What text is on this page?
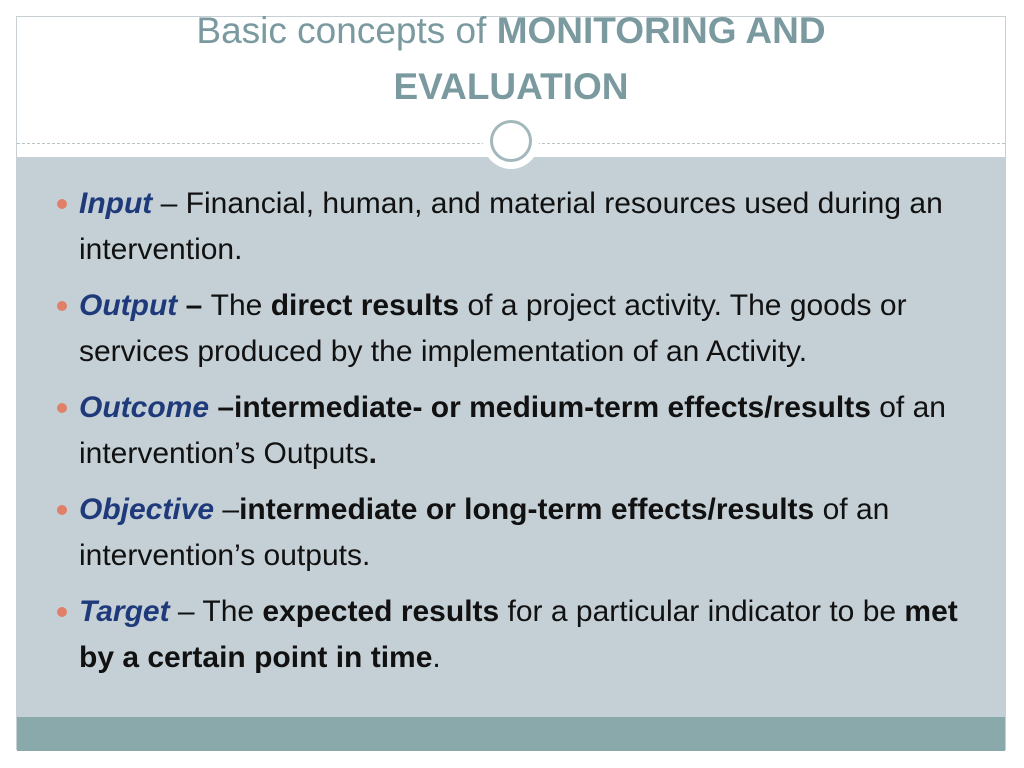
Basic concepts of MONITORING AND
EVALUATION
Input – Financial, human, and material resources used during an intervention.
Output – The direct results of a project activity. The goods or services produced by the implementation of an Activity.
Outcome –intermediate- or medium-term effects/results of an intervention’s Outputs.
Objective –intermediate or long-term effects/results of an intervention’s outputs.
Target – The expected results for a particular indicator to be met by a certain point in time.
